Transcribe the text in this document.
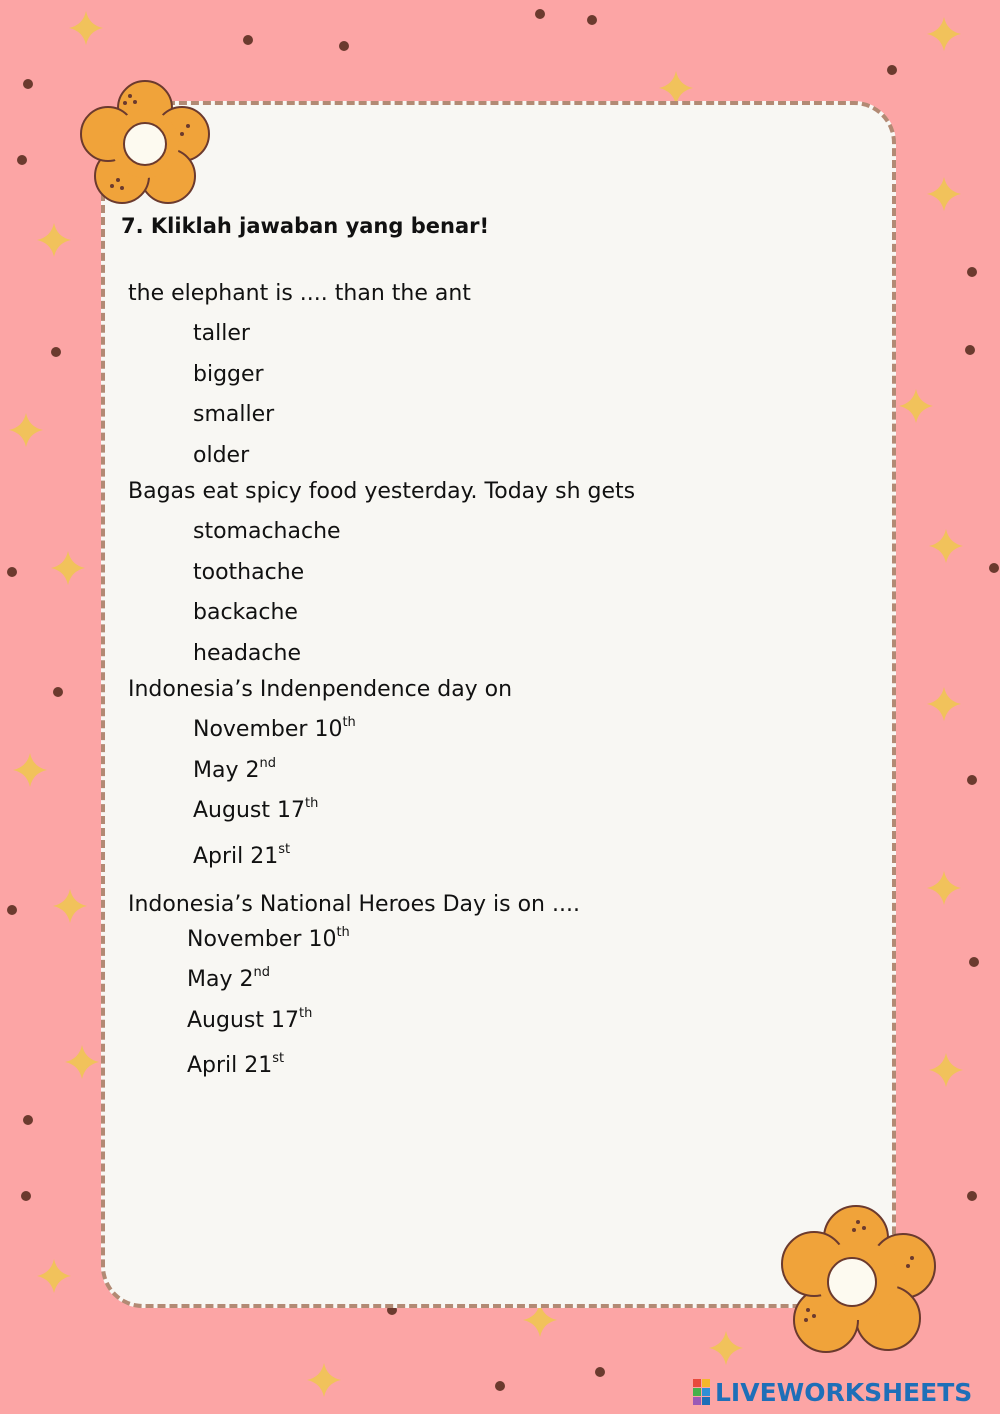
7. Kliklah jawaban yang benar!
the elephant is .... than the ant
taller
bigger
smaller
older
Bagas eat spicy food yesterday. Today sh gets
stomachache
toothache
backache
headache
Indonesia’s Indenpendence day on
November 10th
May 2nd
August 17th
April 21st
Indonesia’s National Heroes Day is on ....
November 10th
May 2nd
August 17th
April 21st
LIVEWORKSHEETS
